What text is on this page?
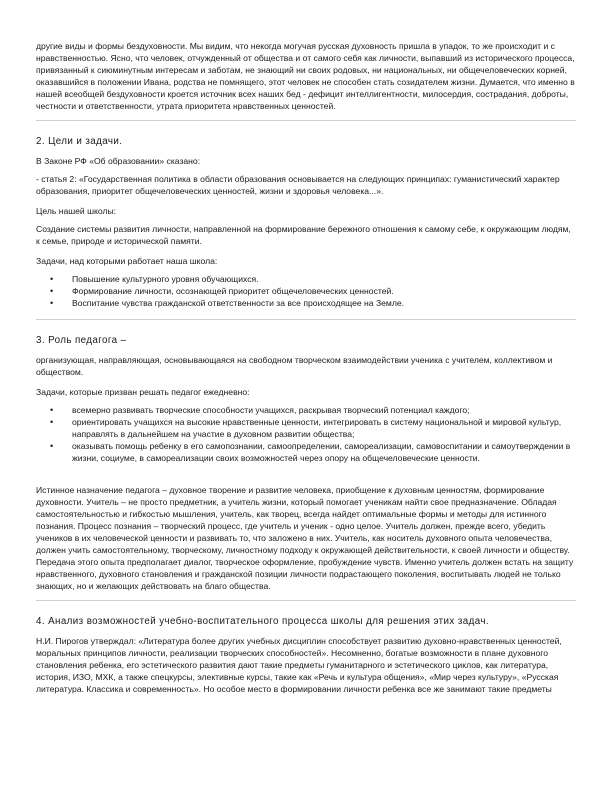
другие виды и формы бездуховности. Мы видим, что некогда могучая русская духовность пришла в упадок, то же происходит и с нравственностью. Ясно, что человек, отчужденный от общества и от самого себя как личности, выпавший из исторического процесса, привязанный к сиюминутным интересам и заботам, не знающий ни своих родовых, ни национальных, ни общечеловеческих корней, оказавшийся в положении Ивана, родства не помнящего, этот человек не способен стать созидателем жизни. Думается, что именно в нашей всеобщей бездуховности кроется источник всех наших бед - дефицит интеллигентности, милосердия, сострадания, доброты, честности и ответственности, утрата приоритета нравственных ценностей.

2. Цели и задачи.

В Законе РФ «Об образовании» сказано:

- статья 2: «Государственная политика в области образования основывается на следующих принципах: гуманистический характер образования, приоритет общечеловеческих ценностей, жизни и здоровья человека...».

Цель нашей школы:

Создание системы развития личности, направленной на формирование бережного отношения к самому себе, к окружающим людям, к семье, природе и исторической памяти.

Задачи, над которыми работает наша школа:

• Повышение культурного уровня обучающихся.
• Формирование личности, осознающей приоритет общечеловеческих ценностей.
• Воспитание чувства гражданской ответственности за все происходящее на Земле.
3. Роль педагога –

организующая, направляющая, основывающаяся на свободном творческом взаимодействии ученика с учителем, коллективом и обществом.

Задачи, которые призван решать педагог ежедневно:

• всемерно развивать творческие способности учащихся, раскрывая творческий потенциал каждого;
• ориентировать учащихся на высокие нравственные ценности, интегрировать в систему национальной и мировой культур, направлять в дальнейшем на участие в духовном развитии общества;
• оказывать помощь ребенку в его самопознании, самоопределении, самореализации, самовоспитании и самоутверждении в жизни, социуме, в самореализации своих возможностей через опору на общечеловеческие ценности.

Истинное назначение педагога – духовное творение и развитие человека, приобщение к духовным ценностям, формирование духовности. Учитель – не просто предметник, а учитель жизни, который помогает ученикам найти свое предназначение. Обладая самостоятельностью и гибкостью мышления, учитель, как творец, всегда найдет оптимальные формы и методы для истинного познания. Процесс познания – творческий процесс, где учитель и ученик - одно целое. Учитель должен, прежде всего, убедить учеников в их человеческой ценности и развивать то, что заложено в них. Учитель, как носитель духовного опыта человечества, должен учить самостоятельному, творческому, личностному подходу к окружающей действительности, к своей личности и обществу. Передача этого опыта предполагает диалог, творческое оформление, пробуждение чувств. Именно учитель должен встать на защиту нравственного, духовного становления и гражданской позиции личности подрастающего поколения, воспитывать людей не только знающих, но и желающих действовать на благо общества.

4. Анализ возможностей учебно-воспитательного процесса школы для решения этих задач.

Н.И. Пирогов утверждал: «Литература более других учебных дисциплин способствует развитию духовно-нравственных ценностей, моральных принципов личности, реализации творческих способностей». Несомненно, богатые возможности в плане духовного становления ребенка, его эстетического развития дают такие предметы гуманитарного и эстетического циклов, как литература, история, ИЗО, МХК, а также спецкурсы, элективные курсы, такие как «Речь и культура общения», «Мир через культуру», «Русская литература. Классика и современность». Но особое место в формировании личности ребенка все же занимают такие предметы
